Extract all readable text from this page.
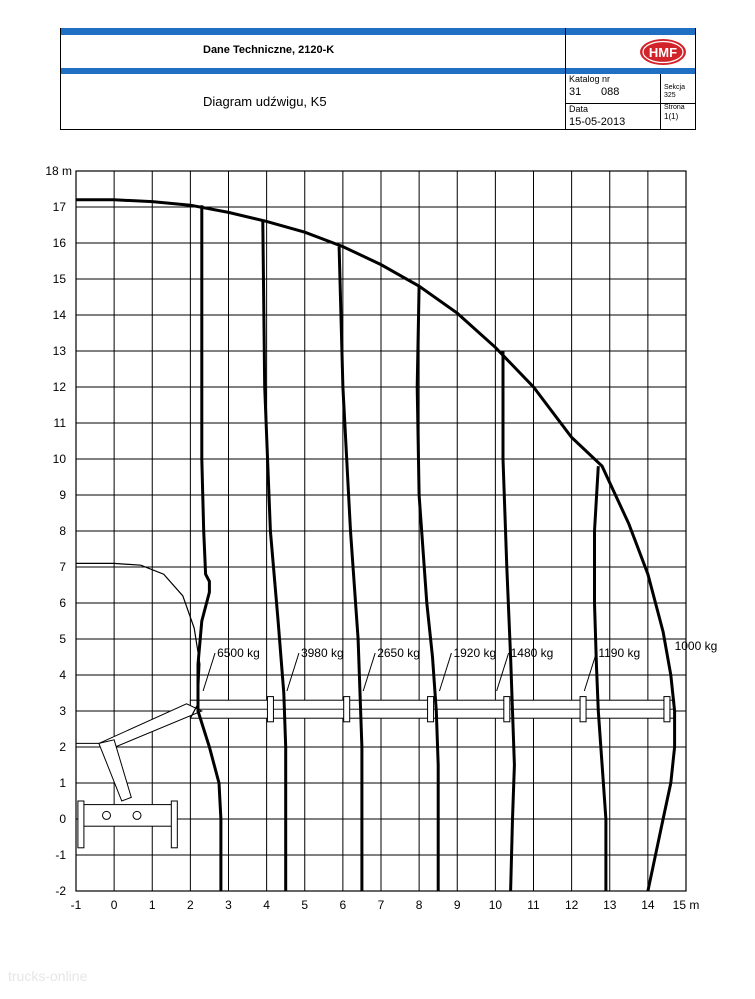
Dane Techniczne, 2120-K
Diagram udźwigu, K5
HMF
Katalog nr
31 088	Sekcja
325
Data
15-05-2013
Strona
1(1)
-1 0	1	2	3	4	5	6	7	8	9 10 11 12 13 14 15 m
-2
-1
0
1
2
3
4
5
6
7
8
9
10
11
12
13
14
15
16
17
18 m
6500 kg	3980 kg	2650 kg	1920 kg 1480 kg	1190 kg
1000 kg
trucks-online
